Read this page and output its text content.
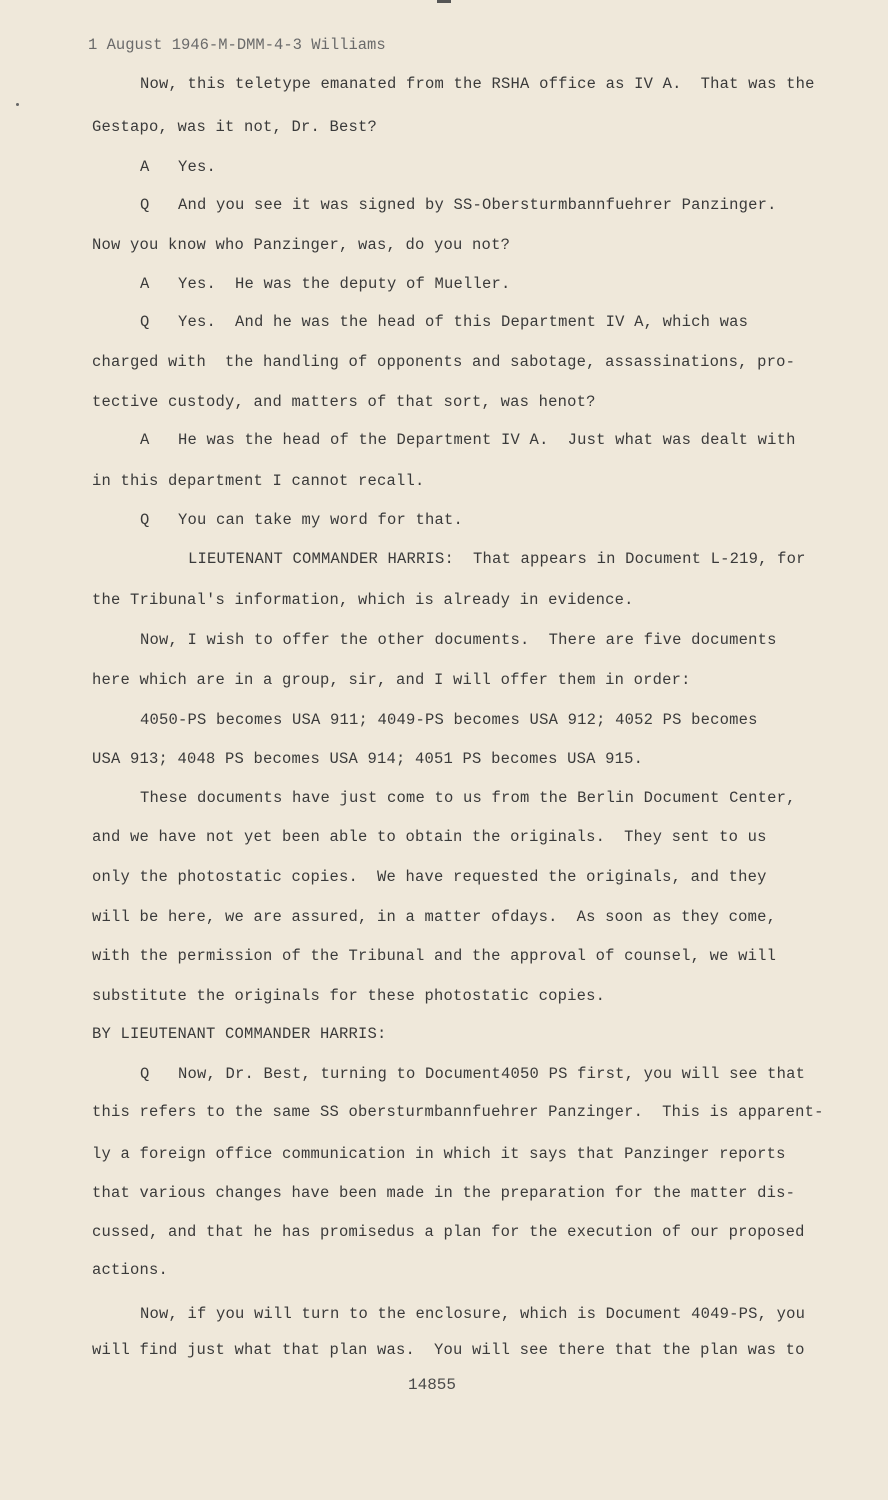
1 August 1946-M-DMM-4-3 Williams
Now, this teletype emanated from the RSHA office as IV A.  That was the
Gestapo, was it not, Dr. Best?
A   Yes.
Q   And you see it was signed by SS-Obersturmbannfuehrer Panzinger.
Now you know who Panzinger, was, do you not?
A   Yes.  He was the deputy of Mueller.
Q   Yes.  And he was the head of this Department IV A, which was
charged with  the handling of opponents and sabotage, assassinations, pro-
tective custody, and matters of that sort, was henot?
A   He was the head of the Department IV A.  Just what was dealt with
in this department I cannot recall.
Q   You can take my word for that.
LIEUTENANT COMMANDER HARRIS:  That appears in Document L-219, for
the Tribunal's information, which is already in evidence.
Now, I wish to offer the other documents.  There are five documents
here which are in a group, sir, and I will offer them in order:
4050-PS becomes USA 911; 4049-PS becomes USA 912; 4052 PS becomes
USA 913; 4048 PS becomes USA 914; 4051 PS becomes USA 915.
These documents have just come to us from the Berlin Document Center,
and we have not yet been able to obtain the originals.  They sent to us
only the photostatic copies.  We have requested the originals, and they
will be here, we are assured, in a matter ofdays.  As soon as they come,
with the permission of the Tribunal and the approval of counsel, we will
substitute the originals for these photostatic copies.
BY LIEUTENANT COMMANDER HARRIS:
Q   Now, Dr. Best, turning to Document4050 PS first, you will see that
this refers to the same SS obersturmbannfuehrer Panzinger.  This is apparent-
ly a foreign office communication in which it says that Panzinger reports
that various changes have been made in the preparation for the matter dis-
cussed, and that he has promisedus a plan for the execution of our proposed
actions.
Now, if you will turn to the enclosure, which is Document 4049-PS, you
will find just what that plan was.  You will see there that the plan was to
14855
